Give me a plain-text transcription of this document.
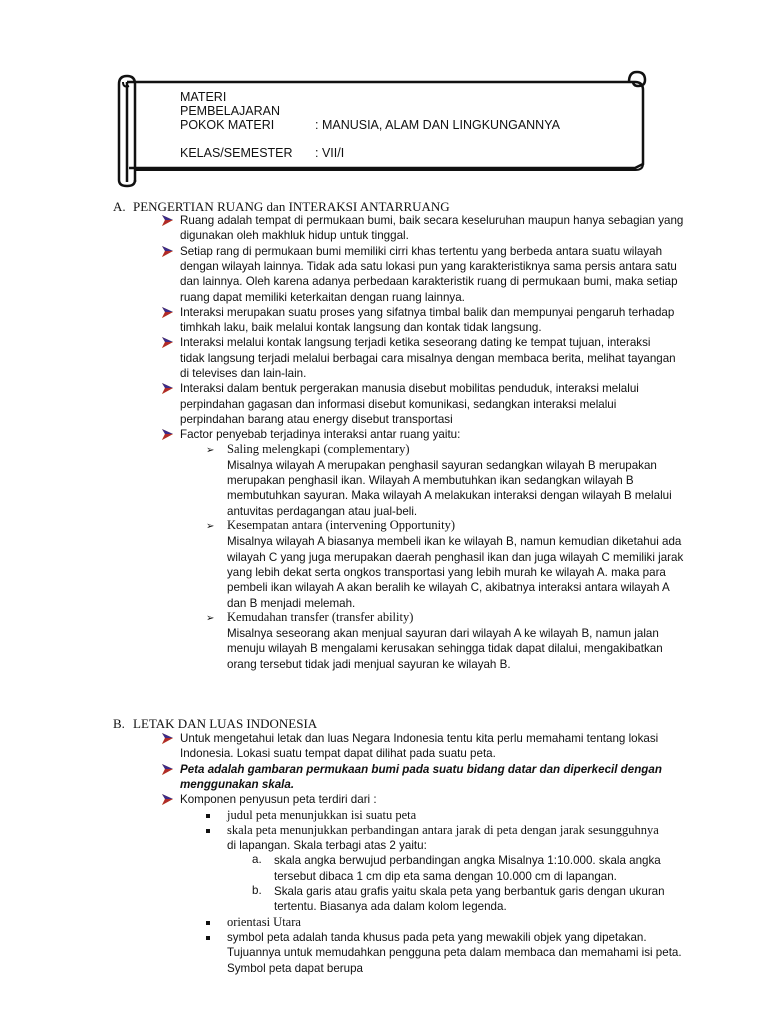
MATERI PEMBELAJARAN
POKOK MATERI	: MANUSIA, ALAM DAN LINGKUNGANNYA
KELAS/SEMESTER : VII/I
A. PENGERTIAN RUANG dan INTERAKSI ANTARRUANG
Ruang adalah tempat di permukaan bumi, baik secara keseluruhan maupun hanya sebagian yang
digunakan oleh makhluk hidup untuk tinggal.
Setiap rang di permukaan bumi memiliki cirri khas tertentu yang berbeda antara suatu wilayah
dengan wilayah lainnya. Tidak ada satu lokasi pun yang karakteristiknya sama persis antara satu
dan lainnya. Oleh karena adanya perbedaan karakteristik ruang di permukaan bumi, maka setiap
ruang dapat memiliki keterkaitan dengan ruang lainnya.
Interaksi merupakan suatu proses yang sifatnya timbal balik dan mempunyai pengaruh terhadap
timhkah laku, baik melalui kontak langsung dan kontak tidak langsung.
Interaksi melalui kontak langsung terjadi ketika seseorang dating ke tempat tujuan, interaksi
tidak langsung terjadi melalui berbagai cara misalnya dengan membaca berita, melihat tayangan
di televises dan lain-lain.
Interaksi dalam bentuk pergerakan manusia disebut mobilitas penduduk, interaksi melalui
perpindahan gagasan dan informasi disebut komunikasi, sedangkan interaksi melalui
perpindahan barang atau energy disebut transportasi
Factor penyebab terjadinya interaksi antar ruang yaitu:
➢ Saling melengkapi (complementary)
Misalnya wilayah A merupakan penghasil sayuran sedangkan wilayah B merupakan
merupakan penghasil ikan. Wilayah A membutuhkan ikan sedangkan wilayah B
membutuhkan sayuran. Maka wilayah A melakukan interaksi dengan wilayah B melalui
antuvitas perdagangan atau jual-beli.
➢ Kesempatan antara (intervening Opportunity)
Misalnya wilayah A biasanya membeli ikan ke wilayah B, namun kemudian diketahui ada
wilayah C yang juga merupakan daerah penghasil ikan dan juga wilayah C memiliki jarak
yang lebih dekat serta ongkos transportasi yang lebih murah ke wilayah A. maka para
pembeli ikan wilayah A akan beralih ke wilayah C, akibatnya interaksi antara wilayah A
dan B menjadi melemah.
➢ Kemudahan transfer (transfer ability)
Misalnya seseorang akan menjual sayuran dari wilayah A ke wilayah B, namun jalan
menuju wilayah B mengalami kerusakan sehingga tidak dapat dilalui, mengakibatkan
orang tersebut tidak jadi menjual sayuran ke wilayah B.
B. LETAK DAN LUAS INDONESIA
Untuk mengetahui letak dan luas Negara Indonesia tentu kita perlu memahami tentang lokasi
Indonesia. Lokasi suatu tempat dapat dilihat pada suatu peta.
Peta adalah gambaran permukaan bumi pada suatu bidang datar dan diperkecil dengan
menggunakan skala.
Komponen penyusun peta terdiri dari :
judul peta menunjukkan isi suatu peta
skala peta menunjukkan perbandingan antara jarak di peta dengan jarak sesungguhnya
di lapangan. Skala terbagi atas 2 yaitu:
a. skala angka berwujud perbandingan angka Misalnya 1:10.000. skala angka
tersebut dibaca 1 cm dip eta sama dengan 10.000 cm di lapangan.
b. Skala garis atau grafis yaitu skala peta yang berbantuk garis dengan ukuran
tertentu. Biasanya ada dalam kolom legenda.
orientasi Utara
symbol peta adalah tanda khusus pada peta yang mewakili objek yang dipetakan.
Tujuannya untuk memudahkan pengguna peta dalam membaca dan memahami isi peta.
Symbol peta dapat berupa
